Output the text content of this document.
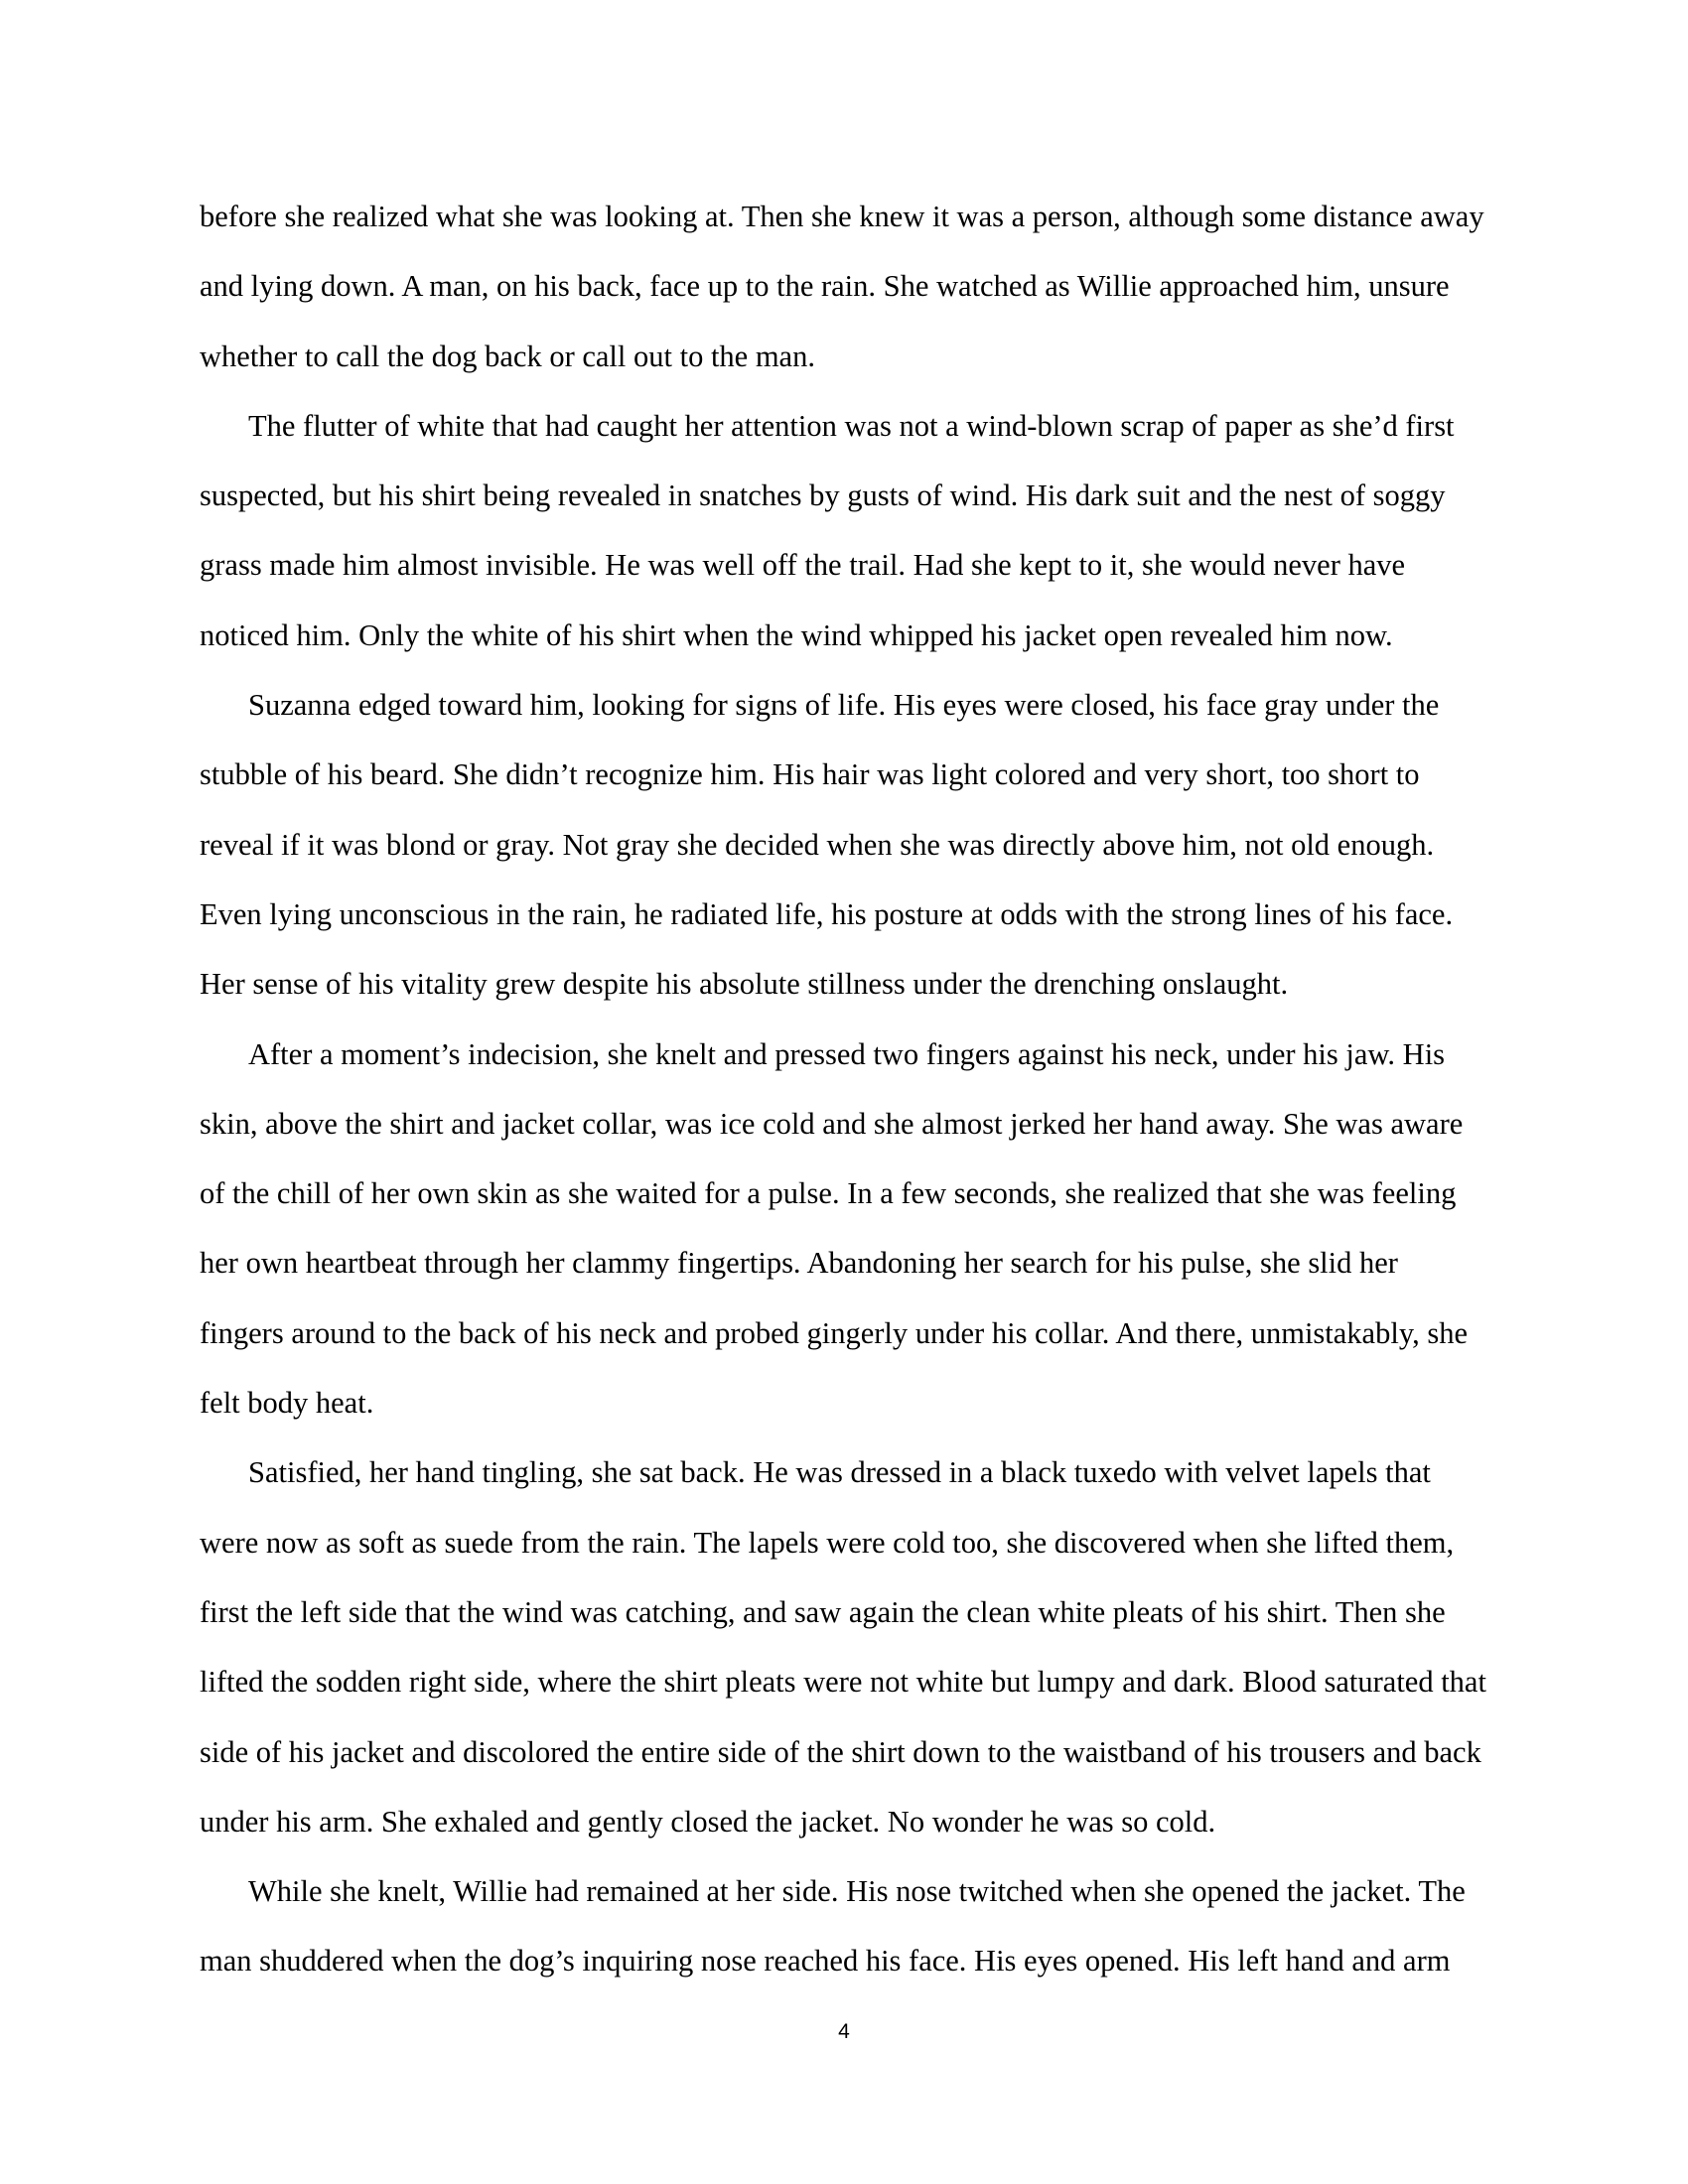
before she realized what she was looking at. Then she knew it was a person, although some distance away
and lying down. A man, on his back, face up to the rain. She watched as Willie approached him, unsure
whether to call the dog back or call out to the man.

The flutter of white that had caught her attention was not a wind-blown scrap of paper as she’d first
suspected, but his shirt being revealed in snatches by gusts of wind. His dark suit and the nest of soggy
grass made him almost invisible. He was well off the trail. Had she kept to it, she would never have
noticed him. Only the white of his shirt when the wind whipped his jacket open revealed him now.

Suzanna edged toward him, looking for signs of life. His eyes were closed, his face gray under the
stubble of his beard. She didn’t recognize him. His hair was light colored and very short, too short to
reveal if it was blond or gray. Not gray she decided when she was directly above him, not old enough.
Even lying unconscious in the rain, he radiated life, his posture at odds with the strong lines of his face.
Her sense of his vitality grew despite his absolute stillness under the drenching onslaught.

After a moment’s indecision, she knelt and pressed two fingers against his neck, under his jaw. His
skin, above the shirt and jacket collar, was ice cold and she almost jerked her hand away. She was aware
of the chill of her own skin as she waited for a pulse. In a few seconds, she realized that she was feeling
her own heartbeat through her clammy fingertips. Abandoning her search for his pulse, she slid her
fingers around to the back of his neck and probed gingerly under his collar. And there, unmistakably, she
felt body heat.

Satisfied, her hand tingling, she sat back. He was dressed in a black tuxedo with velvet lapels that
were now as soft as suede from the rain. The lapels were cold too, she discovered when she lifted them,
first the left side that the wind was catching, and saw again the clean white pleats of his shirt. Then she
lifted the sodden right side, where the shirt pleats were not white but lumpy and dark. Blood saturated that
side of his jacket and discolored the entire side of the shirt down to the waistband of his trousers and back
under his arm. She exhaled and gently closed the jacket. No wonder he was so cold.

While she knelt, Willie had remained at her side. His nose twitched when she opened the jacket. The
man shuddered when the dog’s inquiring nose reached his face. His eyes opened. His left hand and arm

4
